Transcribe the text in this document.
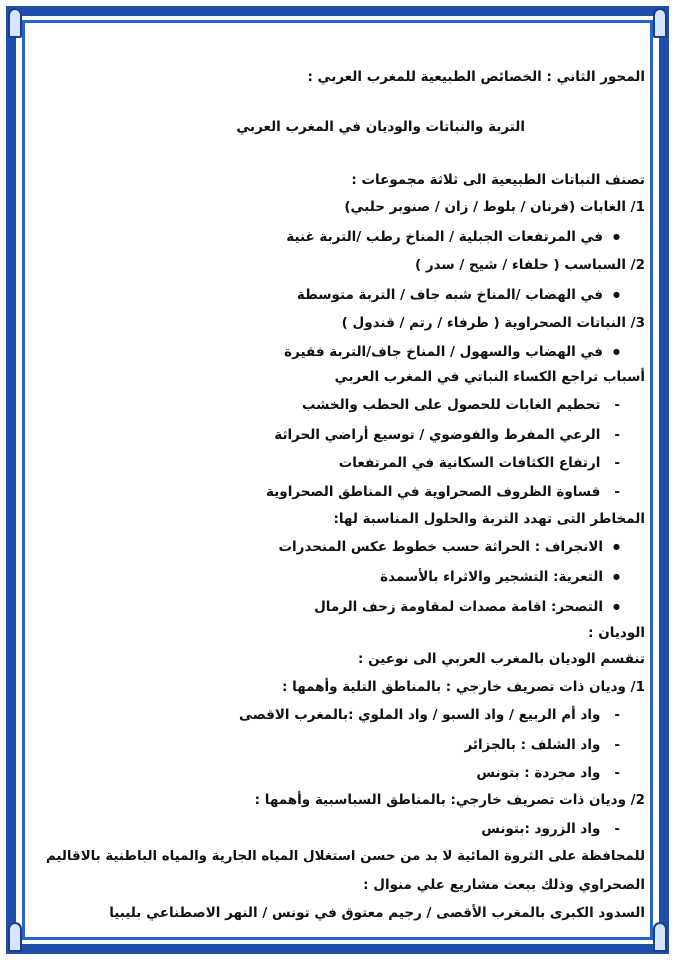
المحور الثاني : الخصائص الطبيعية للمغرب العربي :
التربة والنباتات والوديان في المغرب العربي
تصنف النباتات الطبيعية الى ثلاثة مجموعات :
1/ الغابات (فرنان / بلوط / زان / صنوبر حلبي)
● في المرتفعات الجبلية / المناخ رطب /التربة غنية
2/ السباسب ( حلفاء / شيح / سدر )
● في الهضاب /المناخ شبه جاف / التربة متوسطة
3/ النباتات الصحراوية ( طرفاء / رتم / قندول )
● في الهضاب والسهول / المناخ جاف/التربة فقيرة
أسباب تراجع الكساء النباتي في المغرب العربي
- تحطيم الغابات للحصول على الحطب والخشب
- الرعي المفرط والفوضوي / توسيع أراضي الحراثة
- ارتفاع الكثافات السكانية في المرتفعات
- قساوة الظروف الصحراوية في المناطق الصحراوية
المخاطر التى تهدد التربة والحلول المناسبة لها:
● الانجراف : الحراثة حسب خطوط عكس المنحدرات
● التعرية: التشجير والاثراء بالأسمدة
● التصحر: اقامة مصدات لمقاومة زحف الرمال
الوديان :
تنقسم الوديان بالمغرب العربي الى نوعين :
1/ وديان ذات تصريف خارجي : بالمناطق التلية وأهمها :
- واد أم الربيع / واد السبو / واد الملوي :بالمغرب الاقصى
- واد الشلف : بالجزائر
- واد مجردة : بتونس
2/ وديان ذات تصريف خارجي: بالمناطق السباسبية وأهمها :
- واد الزرود :بتونس
للمحافظة على الثروة المائية لا بد من حسن استغلال المياه الجارية والمياه الباطنية بالاقاليم
الصحراوي وذلك ببعث مشاريع علي منوال :
السدود الكبرى بالمغرب الأقصى / رجيم معتوق في تونس / النهر الاصطناعي بليبيا
